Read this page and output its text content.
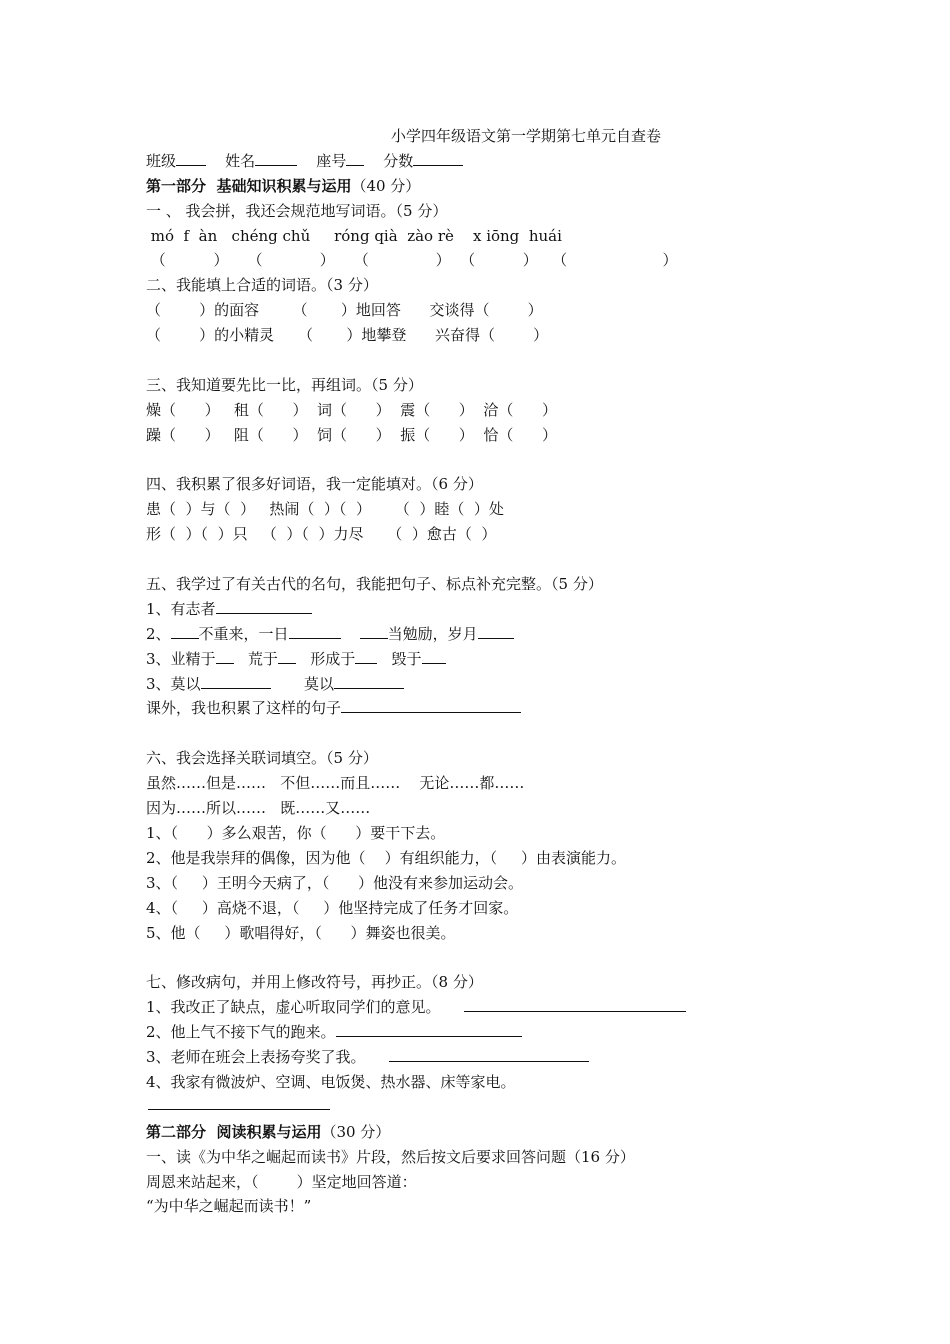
小学四年级语文第一学期第七单元自查卷
班级	姓名	座号 分数
第一部分  基础知识积累与运用（40 分）
一 、 我会拼，我还会规范地写词语。（5 分）
mó  f  àn   chéng chǔ     róng qià  zào rè    x iōng  huái
（          ）    （            ）    （              ）  （          ）   （                    ）
二、我能填上合适的词语。（3 分）
（        ）的面容       （       ）地回答      交谈得（        ）
（        ）的小精灵     （       ）地攀登      兴奋得（        ）
三、我知道要先比一比，再组词。（5 分）
燥（      ）   租（      ）  词（      ）  震（      ）  洽（      ）
躁（      ）   阻（      ）  饲（      ）  振（      ）  恰（      ）
四、我积累了很多好词语，我一定能填对。（6 分）
患（  ）与（  ）   热闹（  ）（  ）     （  ）睦（  ）处
形（  ）（  ）只   （  ）（  ）力尽     （  ）愈古（  ）
五、我学过了有关古代的名句，我能把句子、标点补充完整。（5 分）
1、有志者
2、 不重来，一日	当勉励，岁月
3、业精于 荒于 形成于 毁于
3、莫以	莫以
课外，我也积累了这样的句子
六、我会选择关联词填空。（5 分）
虽然……但是……   不但……而且……    无论……都……
因为……所以……   既……又……
1、（      ）多么艰苦，你（      ）要干下去。
2、他是我崇拜的偶像，因为他（    ）有组织能力，（     ）由表演能力。
3、（     ）王明今天病了，（      ）他没有来参加运动会。
4、（     ）高烧不退，（     ）他坚持完成了任务才回家。
5、他（     ）歌唱得好，（      ）舞姿也很美。
七、修改病句，并用上修改符号，再抄正。（8 分）
1、我改正了缺点，虚心听取同学们的意见。
2、他上气不接下气的跑来。
3、老师在班会上表扬夸奖了我。
4、我家有微波炉、空调、电饭煲、热水器、床等家电。
第二部分  阅读积累与运用（30 分）
一、读《为中华之崛起而读书》片段，然后按文后要求回答问题（16 分）
周恩来站起来，（        ）坚定地回答道：
“为中华之崛起而读书！”
